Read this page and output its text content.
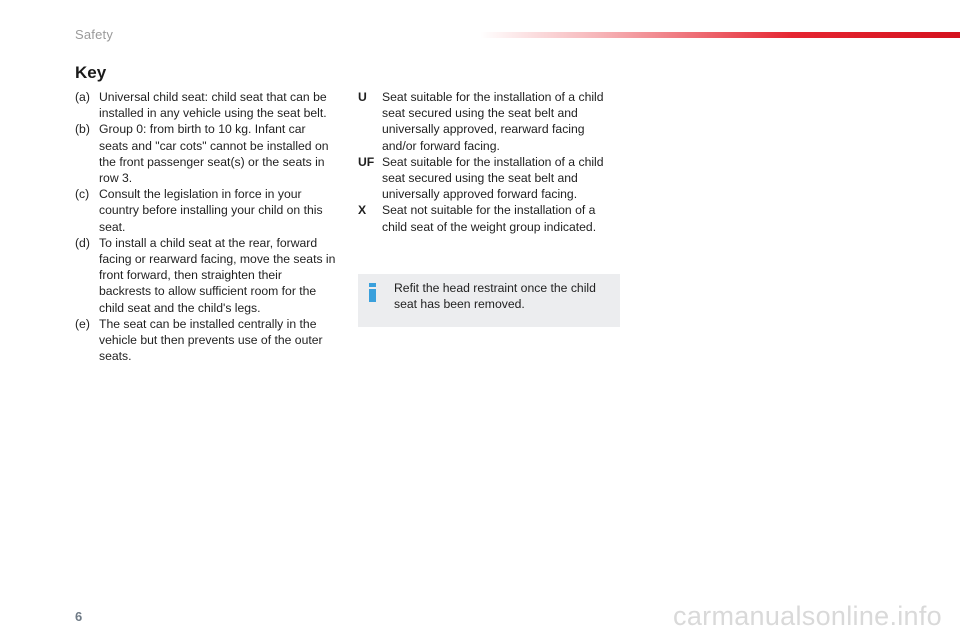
Safety
Key
(a) Universal child seat: child seat that can be installed in any vehicle using the seat belt.
(b) Group 0: from birth to 10 kg. Infant car seats and "car cots" cannot be installed on the front passenger seat(s) or the seats in row 3.
(c) Consult the legislation in force in your country before installing your child on this seat.
(d) To install a child seat at the rear, forward facing or rearward facing, move the seats in front forward, then straighten their backrests to allow sufficient room for the child seat and the child's legs.
(e) The seat can be installed centrally in the vehicle but then prevents use of the outer seats.
U	Seat suitable for the installation of a child seat secured using the seat belt and universally approved, rearward facing and/or forward facing.
UF Seat suitable for the installation of a child seat secured using the seat belt and universally approved forward facing.
X	Seat not suitable for the installation of a child seat of the weight group indicated.
Refit the head restraint once the child seat has been removed.
6	carmanualsonline.info
